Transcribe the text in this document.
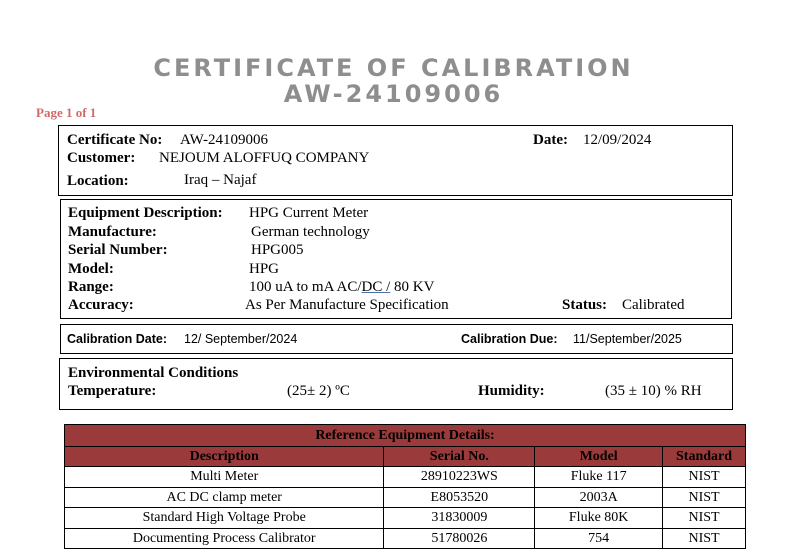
CERTIFICATE OF CALIBRATION
AW-24109006
Page 1 of 1
Certificate No: AW-24109006	Date: 12/09/2024
Customer: NEJOUM ALOFFUQ COMPANY
Location:	Iraq – Najaf
Equipment Description: HPG Current Meter
Manufacture:	German technology
Serial Number:	HPG005
Model:	HPG
Range:	100 uA to mA AC/DC / 80 KV
Accuracy:	As Per Manufacture Specification	Status: Calibrated
Calibration Date: 12/ September/2024	Calibration Due: 11/September/2025
Environmental Conditions
Temperature:	(25± 2) ºC	Humidity:	(35 ± 10) % RH
Reference Equipment Details:			
Description	Serial No.	Model	Standard
Multi Meter	28910223WS	Fluke 117	NIST
AC DC clamp meter	E8053520	2003A	NIST
Standard High Voltage Probe	31830009	Fluke 80K	NIST
Documenting Process Calibrator	51780026	754	NIST
